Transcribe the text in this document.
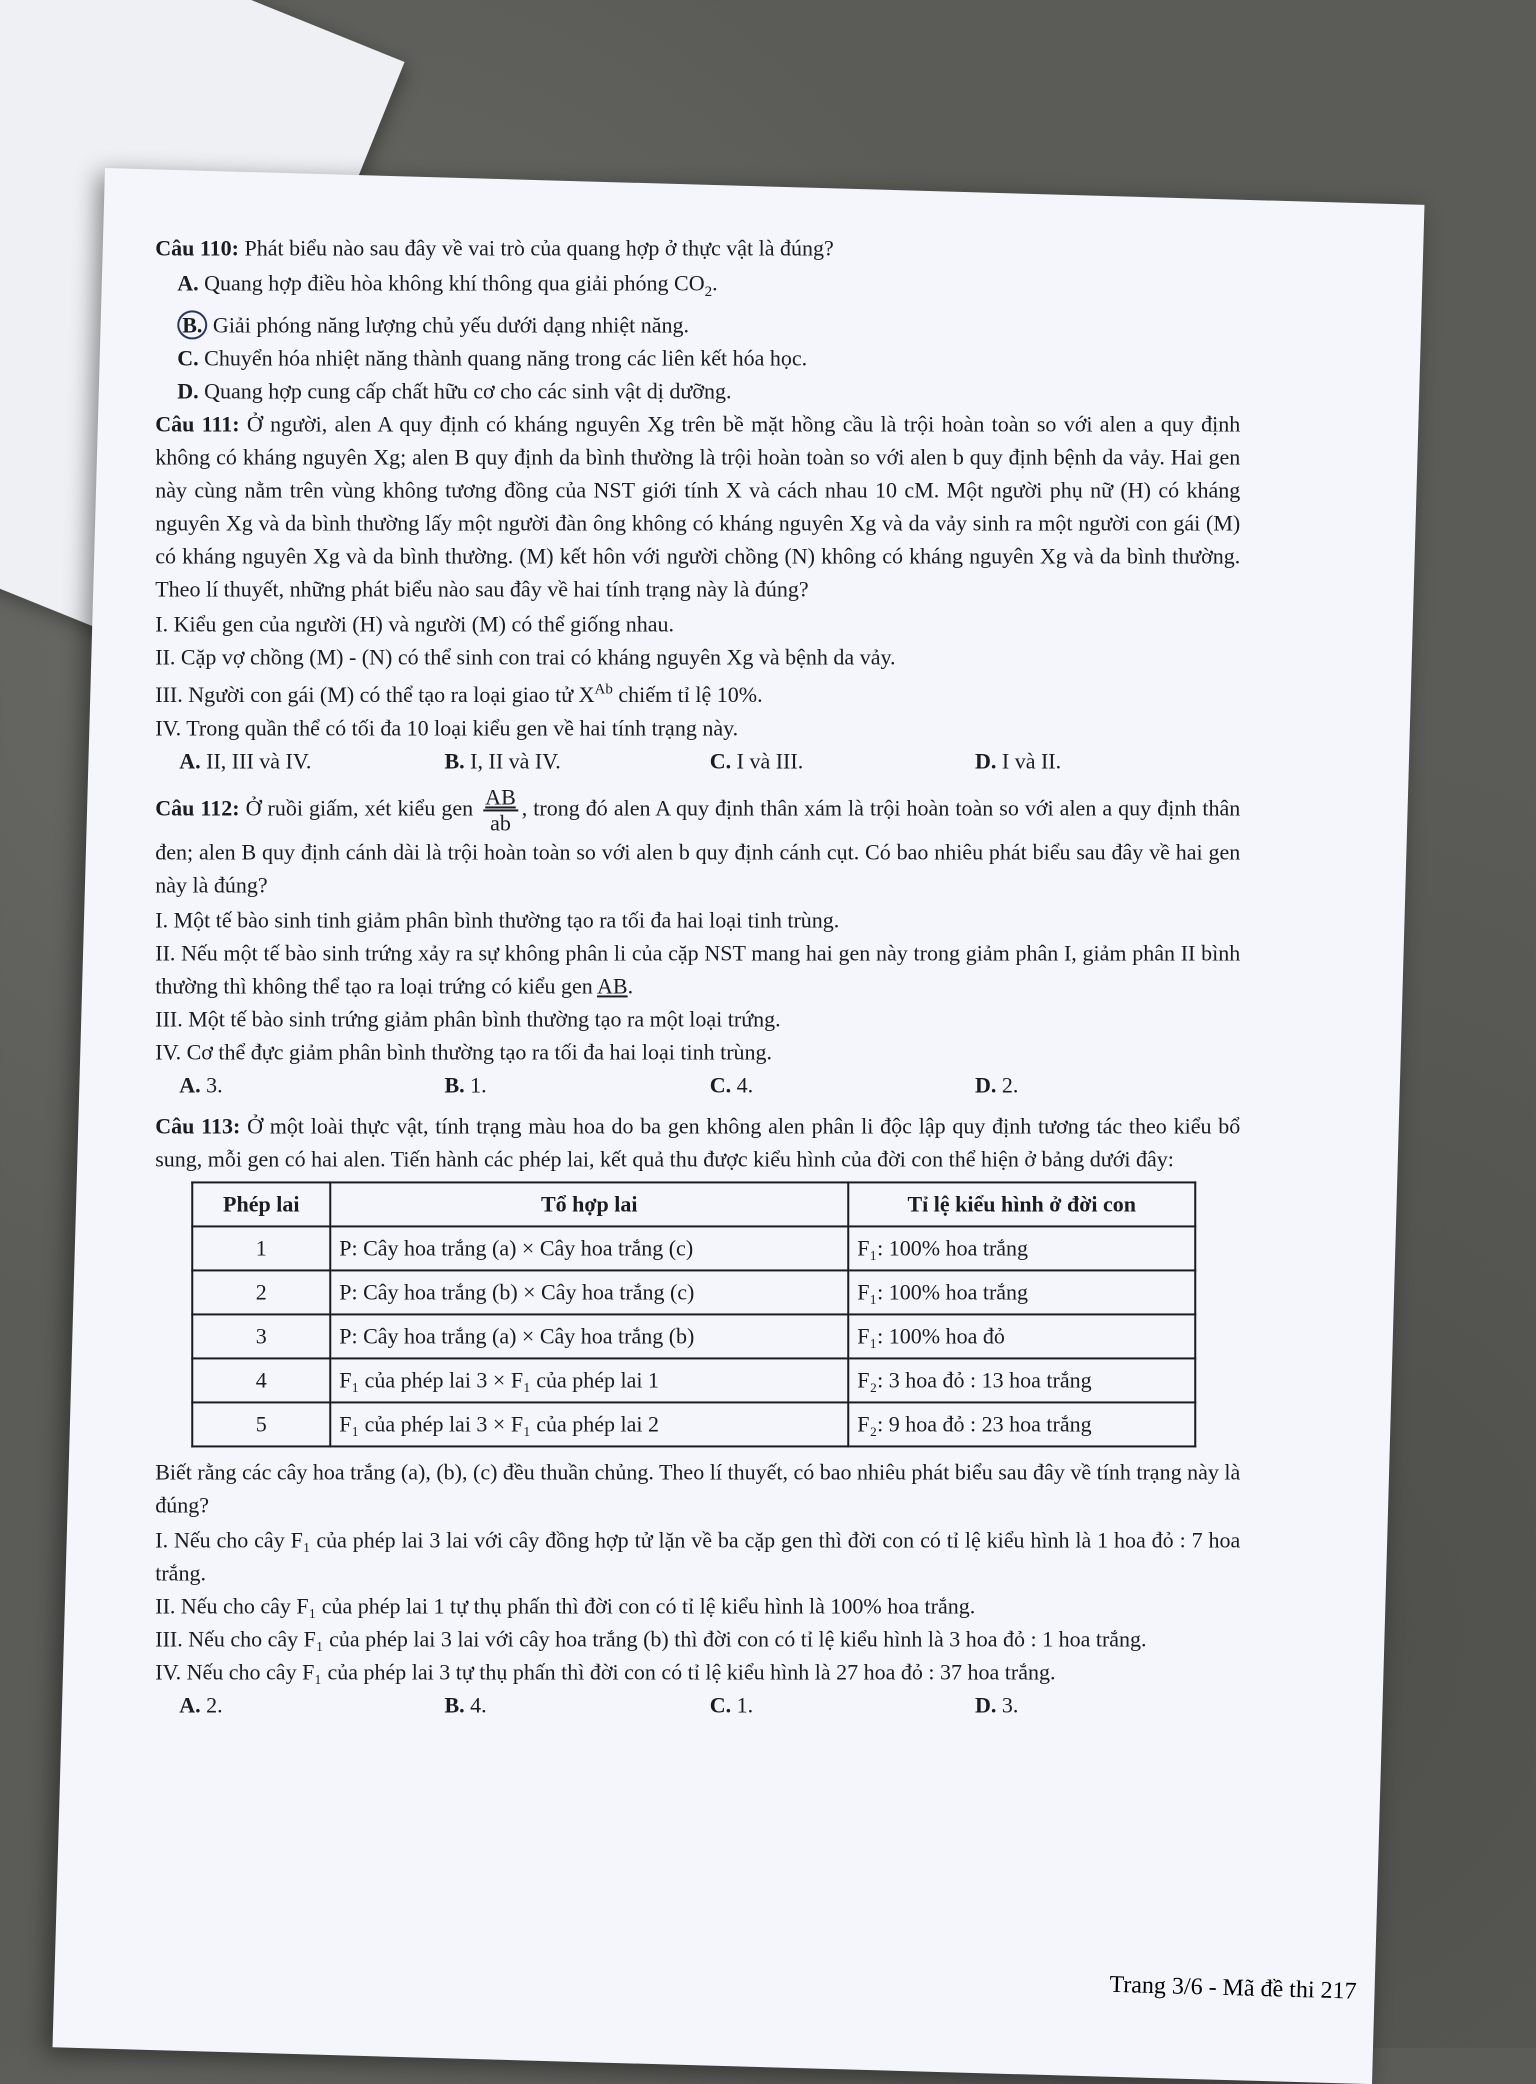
Câu 110: Phát biểu nào sau đây về vai trò của quang hợp ở thực vật là đúng?

A. Quang hợp điều hòa không khí thông qua giải phóng $CO_2$.

B. Giải phóng năng lượng chủ yếu dưới dạng nhiệt năng.

C. Chuyển hóa nhiệt năng thành quang năng trong các liên kết hóa học.

D. Quang hợp cung cấp chất hữu cơ cho các sinh vật dị dưỡng.

Câu 111: Ở người, alen A quy định có kháng nguyên Xg trên bề mặt hồng cầu là trội hoàn toàn so với alen a quy định không có kháng nguyên Xg; alen B quy định da bình thường là trội hoàn toàn so với alen b quy định bệnh da vảy. Hai gen này cùng nằm trên vùng không tương đồng của NST giới tính X và cách nhau 10 cM. Một người phụ nữ (H) có kháng nguyên Xg và da bình thường lấy một người đàn ông không có kháng nguyên Xg và da vảy sinh ra một người con gái (M) có kháng nguyên Xg và da bình thường. (M) kết hôn với người chồng (N) không có kháng nguyên Xg và da bình thường. Theo lí thuyết, những phát biểu nào sau đây về hai tính trạng này là đúng?

I. Kiểu gen của người (H) và người (M) có thể giống nhau.

II. Cặp vợ chồng (M) - (N) có thể sinh con trai có kháng nguyên Xg và bệnh da vảy.

III. Người con gái (M) có thể tạo ra loại giao tử $X^{Ab}$ chiếm tỉ lệ 10%.

IV. Trong quần thể có tối đa 10 loại kiểu gen về hai tính trạng này.

A. II, III và IV.	B. I, II và IV.	C. I và III.	D. I và II.

Câu 112: Ở ruồi giấm, xét kiểu gen $\frac{AB}{ab}$ , trong đó alen A quy định thân xám là trội hoàn toàn so với alen a quy định thân đen; alen B quy định cánh dài là trội hoàn toàn so với alen b quy định cánh cụt. Có bao nhiêu phát biểu sau đây về hai gen này là đúng?

I. Một tế bào sinh tinh giảm phân bình thường tạo ra tối đa hai loại tinh trùng.

II. Nếu một tế bào sinh trứng xảy ra sự không phân li của cặp NST mang hai gen này trong giảm phân I, giảm phân II bình thường thì không thể tạo ra loại trứng có kiểu gen AB.

III. Một tế bào sinh trứng giảm phân bình thường tạo ra một loại trứng.

IV. Cơ thể đực giảm phân bình thường tạo ra tối đa hai loại tinh trùng.

A. 3.	B. 1.	C. 4.	D. 2.

Câu 113: Ở một loài thực vật, tính trạng màu hoa do ba gen không alen phân li độc lập quy định tương tác theo kiểu bổ sung, mỗi gen có hai alen. Tiến hành các phép lai, kết quả thu được kiểu hình của đời con thể hiện ở bảng dưới đây:

Phép lai	Tổ hợp lai	Tỉ lệ kiểu hình ở đời con
1	P: Cây hoa trắng (a) × Cây hoa trắng (c)	F₁: 100% hoa trắng
2	P: Cây hoa trắng (b) × Cây hoa trắng (c)	F₁: 100% hoa trắng
3	P: Cây hoa trắng (a) × Cây hoa trắng (b)	F₁: 100% hoa đỏ
4	F₁ của phép lai 3 × F₁ của phép lai 1	F₂: 3 hoa đỏ : 13 hoa trắng
5	F₁ của phép lai 3 × F₁ của phép lai 2	F₂: 9 hoa đỏ : 23 hoa trắng

Biết rằng các cây hoa trắng (a), (b), (c) đều thuần chủng. Theo lí thuyết, có bao nhiêu phát biểu sau đây về tính trạng này là đúng?

I. Nếu cho cây F₁ của phép lai 3 lai với cây đồng hợp tử lặn về ba cặp gen thì đời con có tỉ lệ kiểu hình là 1 hoa đỏ : 7 hoa trắng.

II. Nếu cho cây F₁ của phép lai 1 tự thụ phấn thì đời con có tỉ lệ kiểu hình là 100% hoa trắng.

III. Nếu cho cây F₁ của phép lai 3 lai với cây hoa trắng (b) thì đời con có tỉ lệ kiểu hình là 3 hoa đỏ : 1 hoa trắng.

IV. Nếu cho cây F₁ của phép lai 3 tự thụ phấn thì đời con có tỉ lệ kiểu hình là 27 hoa đỏ : 37 hoa trắng.

A. 2.	B. 4.	C. 1.	D. 3.
Trang 3/6 - Mã đề thi 217
